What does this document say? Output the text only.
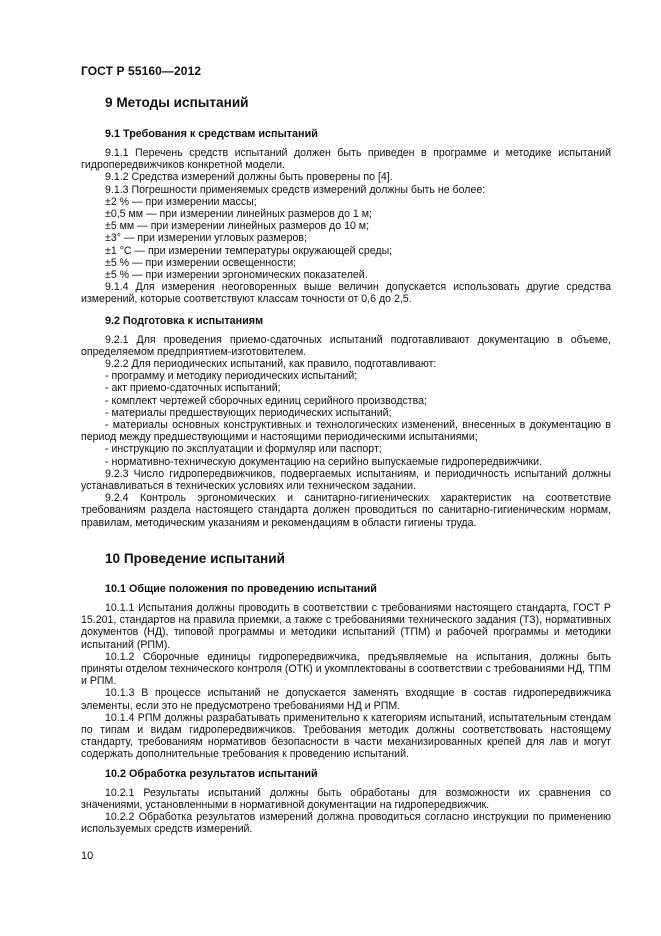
ГОСТ Р 55160—2012
9 Методы испытаний
9.1 Требования к средствам испытаний

9.1.1 Перечень средств испытаний должен быть приведен в программе и методике испытаний гидропередвижчиков конкретной модели.

9.1.2 Средства измерений должны быть проверены по [4].

9.1.3 Погрешности применяемых средств измерений должны быть не более:

±2 % — при измерении массы;

±0,5 мм — при измерении линейных размеров до 1 м;

±5 мм — при измерении линейных размеров до 10 м;

±3° — при измерении угловых размеров;

±1 °С — при измерении температуры окружающей среды;

±5 % — при измерении освещенности;

±5 % — при измерении эргономических показателей.

9.1.4 Для измерения неоговоренных выше величин допускается использовать другие средства измерений, которые соответствуют классам точности от 0,6 до 2,5.

9.2 Подготовка к испытаниям

9.2.1 Для проведения приемо-сдаточных испытаний подготавливают документацию в объеме, определяемом предприятием-изготовителем.

9.2.2 Для периодических испытаний, как правило, подготавливают:

- программу и методику периодических испытаний;

- акт приемо-сдаточных испытаний;

- комплект чертежей сборочных единиц серийного производства;

- материалы предшествующих периодических испытаний;

- материалы основных конструктивных и технологических изменений, внесенных в документацию в период между предшествующими и настоящими периодическими испытаниями;

- инструкцию по эксплуатации и формуляр или паспорт;

- нормативно-техническую документацию на серийно выпускаемые гидропередвижчики.

9.2.3 Число гидропередвижчиков, подвергаемых испытаниям, и периодичность испытаний должны устанавливаться в технических условиях или техническом задании.

9.2.4 Контроль эргономических и санитарно-гигиенических характеристик на соответствие требованиям раздела настоящего стандарта должен проводиться по санитарно-гигиеническим нормам, правилам, методическим указаниям и рекомендациям в области гигиены труда.

10 Проведение испытаний
10.1 Общие положения по проведению испытаний

10.1.1 Испытания должны проводить в соответствии с требованиями настоящего стандарта, ГОСТ Р 15.201, стандартов на правила приемки, а также с требованиями технического задания (ТЗ), нормативных документов (НД), типовой программы и методики испытаний (ТПМ) и рабочей программы и методики испытаний (РПМ).

10.1.2 Сборочные единицы гидропередвижчика, предъявляемые на испытания, должны быть приняты отделом технического контроля (ОТК) и укомплектованы в соответствии с требованиями НД, ТПМ и РПМ.

10.1.3 В процессе испытаний не допускается заменять входящие в состав гидропередвижчика элементы, если это не предусмотрено требованиями НД и РПМ.

10.1.4 РПМ должны разрабатывать применительно к категориям испытаний, испытательным стендам по типам и видам гидропередвижчиков. Требования методик должны соответствовать настоящему стандарту, требованиям нормативов безопасности в части механизированных крепей для лав и могут содержать дополнительные требования к проведению испытаний.

10.2 Обработка результатов испытаний

10.2.1 Результаты испытаний должны быть обработаны для возможности их сравнения со значениями, установленными в нормативной документации на гидропередвижчик.

10.2.2 Обработка результатов измерений должна проводиться согласно инструкции по применению используемых средств измерений.

10
